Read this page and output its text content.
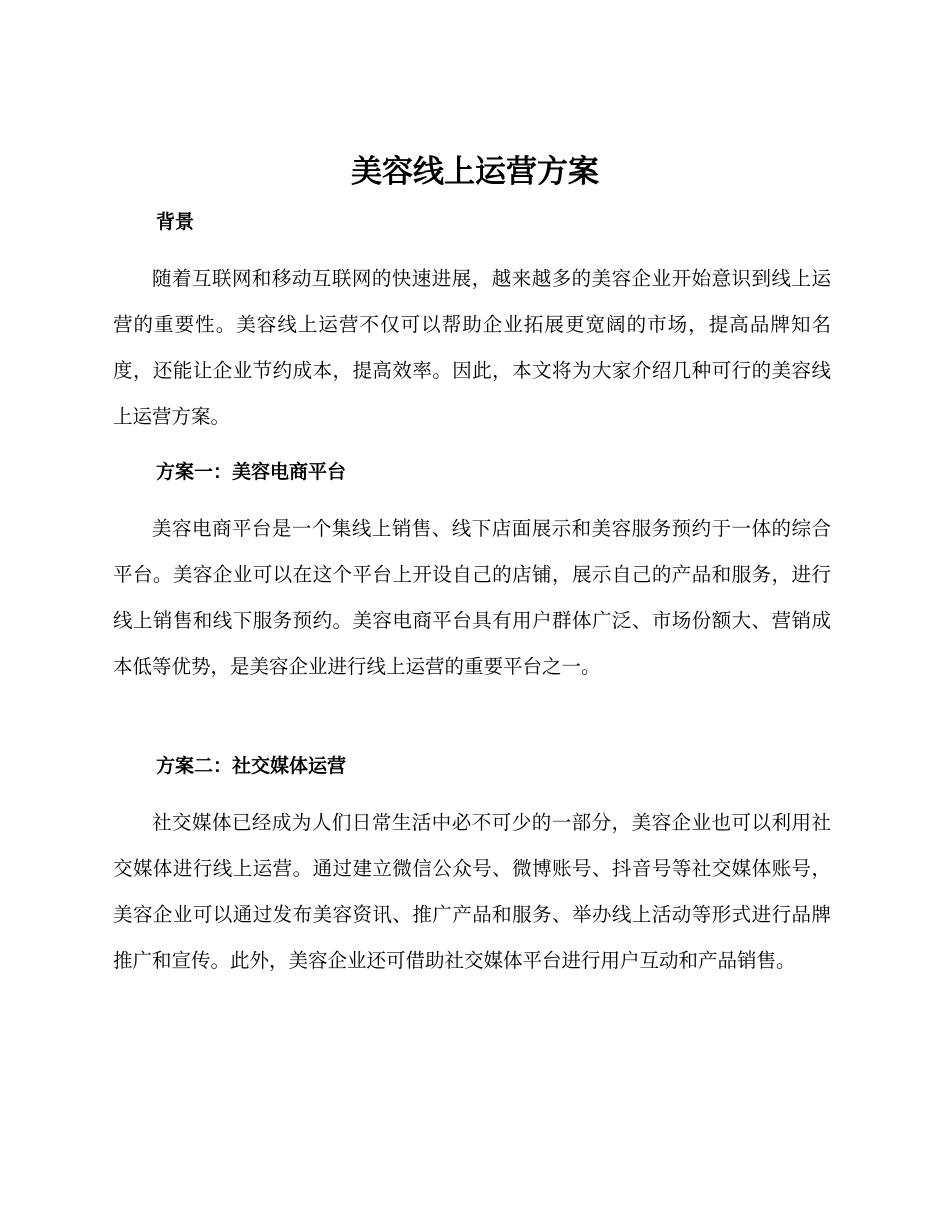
美容线上运营方案
背景

随着互联网和移动互联网的快速进展，越来越多的美容企业开始意识到线上运营的重要性。美容线上运营不仅可以帮助企业拓展更宽阔的市场，提高品牌知名度，还能让企业节约成本，提高效率。因此，本文将为大家介绍几种可行的美容线上运营方案。

方案一：美容电商平台

美容电商平台是一个集线上销售、线下店面展示和美容服务预约于一体的综合平台。美容企业可以在这个平台上开设自己的店铺，展示自己的产品和服务，进行线上销售和线下服务预约。美容电商平台具有用户群体广泛、市场份额大、营销成本低等优势，是美容企业进行线上运营的重要平台之一。

方案二：社交媒体运营

社交媒体已经成为人们日常生活中必不可少的一部分，美容企业也可以利用社交媒体进行线上运营。通过建立微信公众号、微博账号、抖音号等社交媒体账号，美容企业可以通过发布美容资讯、推广产品和服务、举办线上活动等形式进行品牌推广和宣传。此外，美容企业还可借助社交媒体平台进行用户互动和产品销售。
